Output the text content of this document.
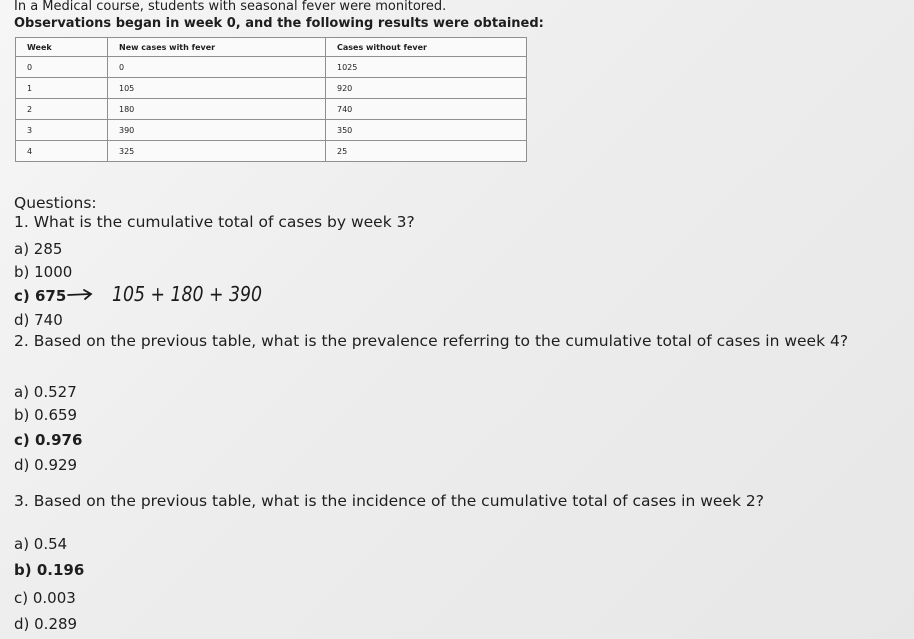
In a Medical course, students with seasonal fever were monitored.
Observations began in week 0, and the following results were obtained:
Week	New cases with fever	Cases without fever
0	0	1025
1	105	920
2	180	740
3	390	350
4	325	25
Questions:
1. What is the cumulative total of cases by week 3?
a) 285
b) 1000
c) 675
d) 740
105 + 180 + 390
2. Based on the previous table, what is the prevalence referring to the cumulative total of cases in week 4?
a) 0.527
b) 0.659
c) 0.976
d) 0.929
3. Based on the previous table, what is the incidence of the cumulative total of cases in week 2?
a) 0.54
b) 0.196
c) 0.003
d) 0.289
